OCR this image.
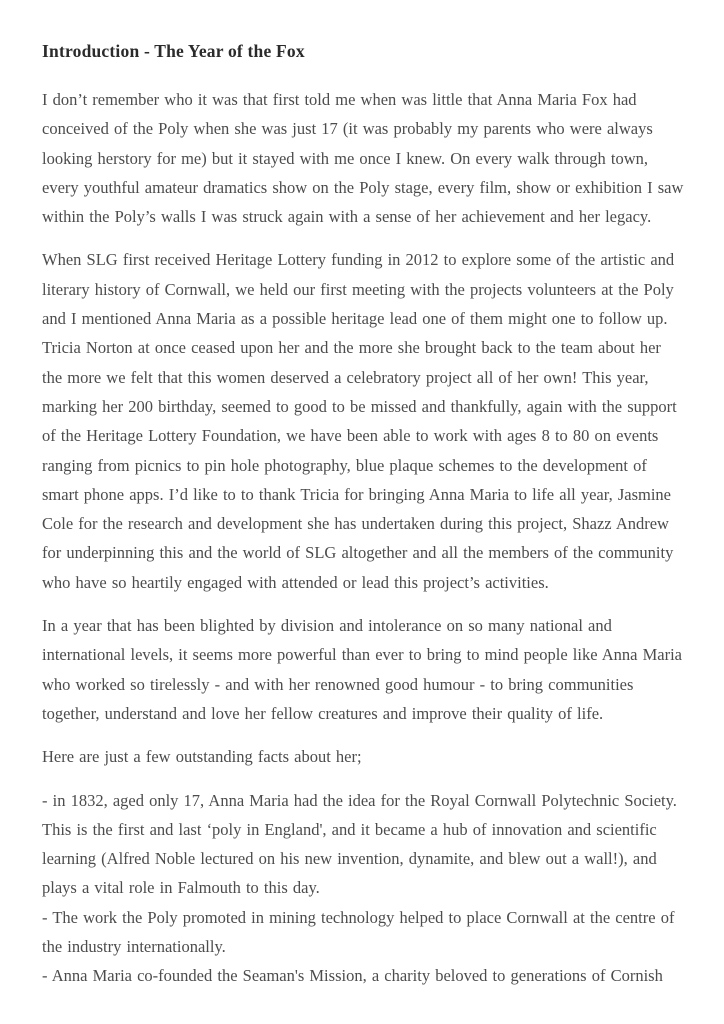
Introduction - The Year of the Fox

I don’t remember who it was that first told me when was little that Anna Maria Fox had conceived of the Poly when she was just 17 (it was probably my parents who were always looking herstory for me) but it stayed with me once I knew. On every walk through town, every youthful amateur dramatics show on the Poly stage, every film, show or exhibition I saw within the Poly’s walls I was struck again with a sense of her achievement and her legacy.

When SLG first received Heritage Lottery funding in 2012 to explore some of the artistic and literary history of Cornwall, we held our first meeting with the projects volunteers at the Poly and I mentioned Anna Maria as a possible heritage lead one of them might one to follow up. Tricia Norton at once ceased upon her and the more she brought back to the team about her the more we felt that this women deserved a celebratory project all of her own! This year, marking her 200 birthday, seemed to good to be missed and thankfully, again with the support of the Heritage Lottery Foundation, we have been able to work with ages 8 to 80 on events ranging from picnics to pin hole photography, blue plaque schemes to the development of smart phone apps. I’d like to to thank Tricia for bringing Anna Maria to life all year, Jasmine Cole for the research and development she has undertaken during this project, Shazz Andrew for underpinning this and the world of SLG altogether and all the members of the community who have so heartily engaged with attended or lead this project’s activities.

In a year that has been blighted by division and intolerance on so many national and international levels, it seems more powerful than ever to bring to mind people like Anna Maria who worked so tirelessly - and with her renowned good humour - to bring communities together, understand and love her fellow creatures and improve their quality of life.

Here are just a few outstanding facts about her;

- in 1832, aged only 17, Anna Maria had the idea for the Royal Cornwall Polytechnic Society. This is the first and last ‘poly in England', and it became a hub of innovation and scientific learning (Alfred Noble lectured on his new invention, dynamite, and blew out a wall!), and plays a vital role in Falmouth to this day.
- The work the Poly promoted in mining technology helped to place Cornwall at the centre of the industry internationally.
- Anna Maria co-founded the Seaman's Mission, a charity beloved to generations of Cornish
